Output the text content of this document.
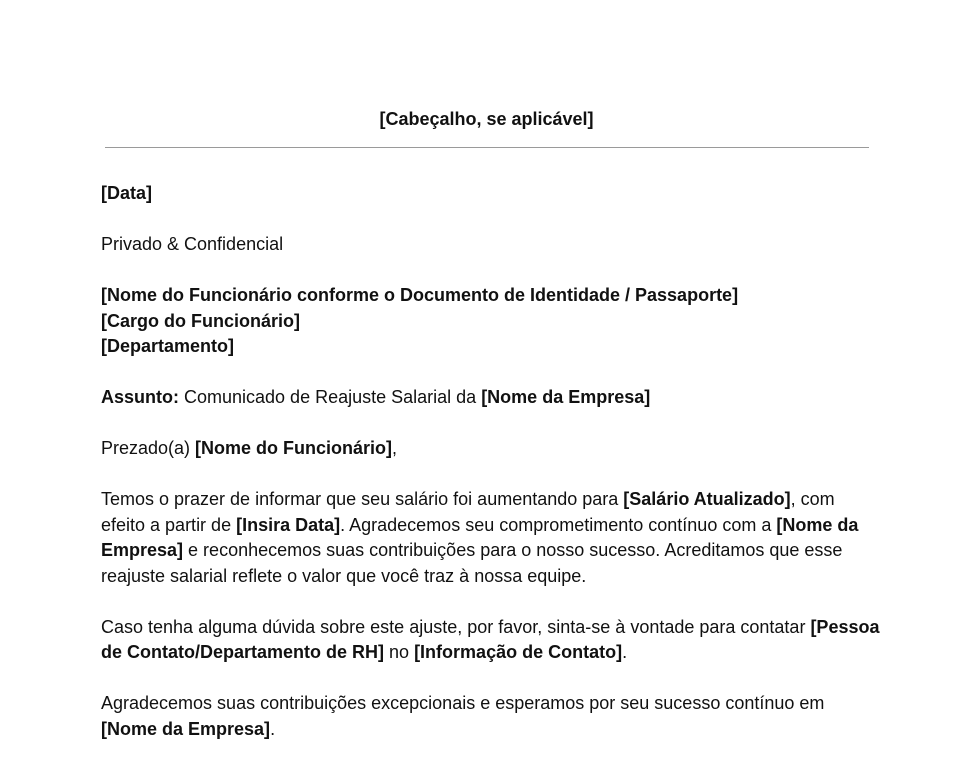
[Cabeçalho, se aplicável]

[Data]

Privado & Confidencial

[Nome do Funcionário conforme o Documento de Identidade / Passaporte]
[Cargo do Funcionário]
[Departamento]

Assunto: Comunicado de Reajuste Salarial da [Nome da Empresa]

Prezado(a) [Nome do Funcionário],

Temos o prazer de informar que seu salário foi aumentando para [Salário Atualizado], com efeito a partir de [Insira Data]. Agradecemos seu comprometimento contínuo com a [Nome da Empresa] e reconhecemos suas contribuições para o nosso sucesso. Acreditamos que esse reajuste salarial reflete o valor que você traz à nossa equipe.

Caso tenha alguma dúvida sobre este ajuste, por favor, sinta-se à vontade para contatar [Pessoa de Contato/Departamento de RH] no [Informação de Contato].

Agradecemos suas contribuições excepcionais e esperamos por seu sucesso contínuo em [Nome da Empresa].
